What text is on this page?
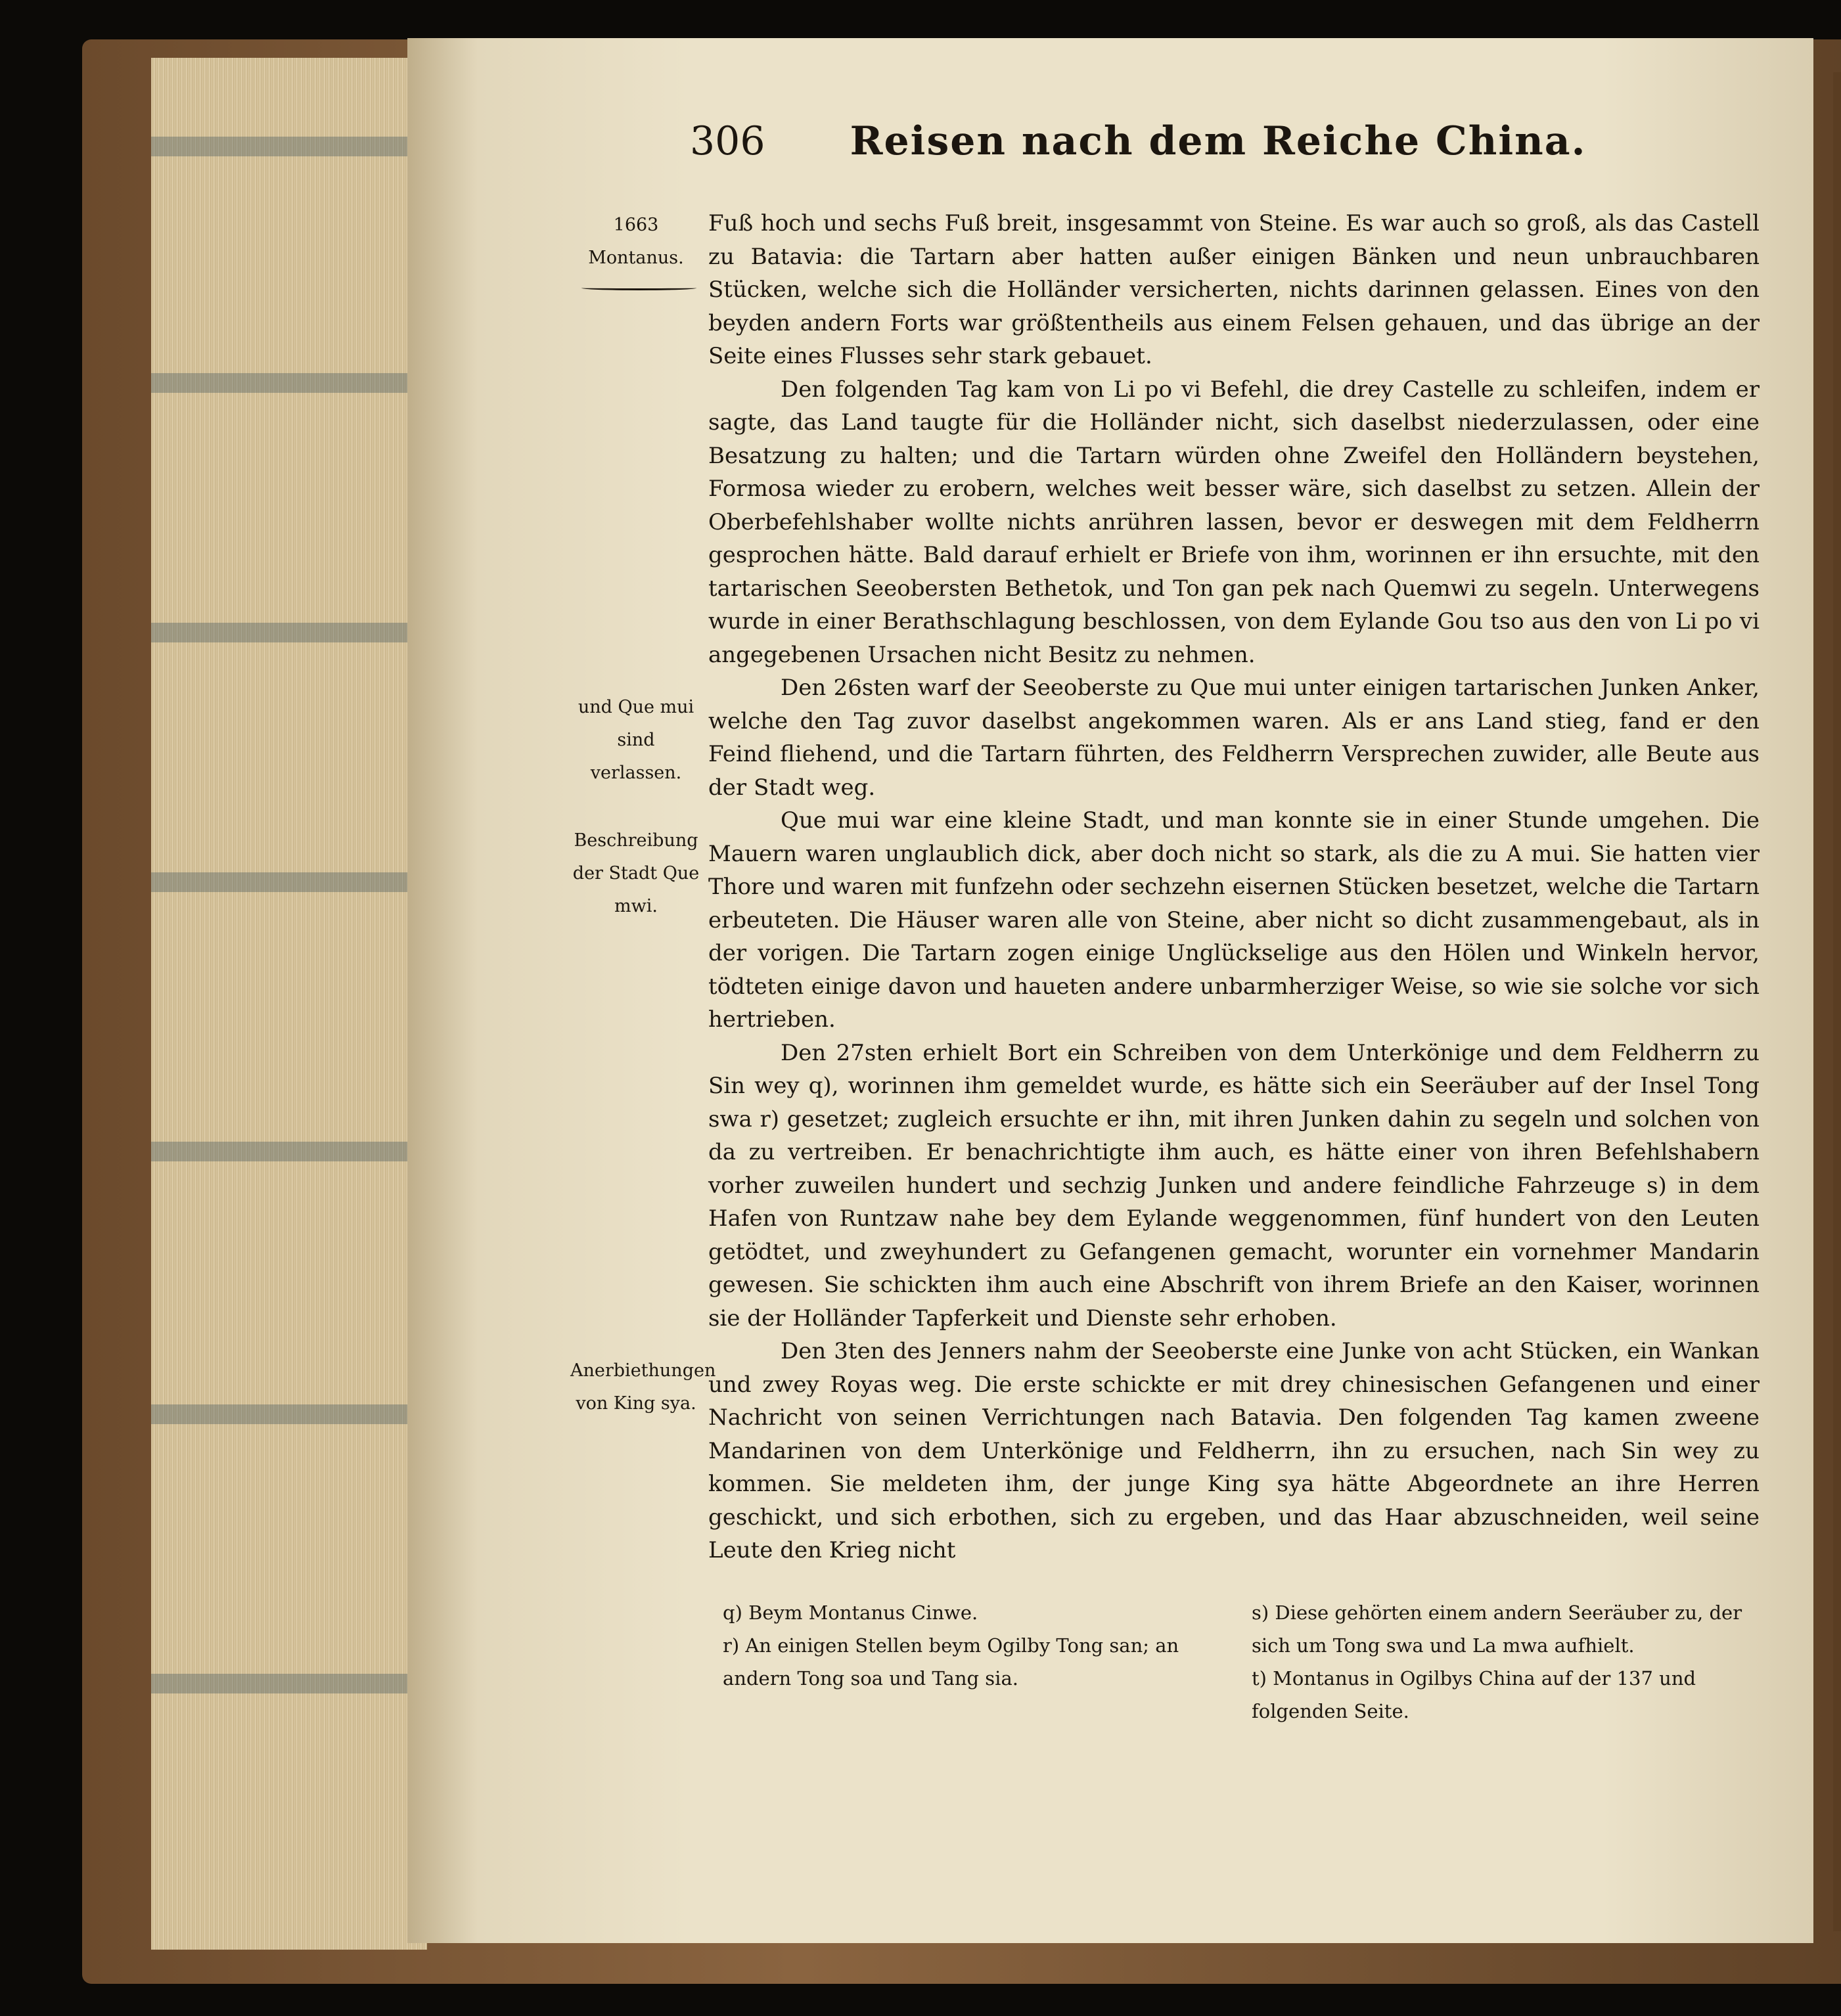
306 Reisen nach dem Reiche China.
1663
Montanus.
und Que mui sind verlassen.
Beschreibung der Stadt Que mwi.
Anerbiethungen von King sya.

Fuß hoch und sechs Fuß breit, insgesammt von Steine. Es war auch so groß, als das Castell zu Batavia: die Tartarn aber hatten außer einigen Bänken und neun unbrauchbaren Stücken, welche sich die Holländer versicherten, nichts darinnen gelassen. Eines von den beyden andern Forts war größtentheils aus einem Felsen gehauen, und das übrige an der Seite eines Flusses sehr stark gebauet.

Den folgenden Tag kam von Li po vi Befehl, die drey Castelle zu schleifen, indem er sagte, das Land taugte für die Holländer nicht, sich daselbst niederzulassen, oder eine Besatzung zu halten; und die Tartarn würden ohne Zweifel den Holländern beystehen, Formosa wieder zu erobern, welches weit besser wäre, sich daselbst zu setzen. Allein der Oberbefehlshaber wollte nichts anrühren lassen, bevor er deswegen mit dem Feldherrn gesprochen hätte. Bald darauf erhielt er Briefe von ihm, worinnen er ihn ersuchte, mit den tartarischen Seeobersten Bethetok, und Ton gan pek nach Quemwi zu segeln. Unterwegens wurde in einer Berathschlagung beschlossen, von dem Eylande Gou tso aus den von Li po vi angegebenen Ursachen nicht Besitz zu nehmen.

Den 26sten warf der Seeoberste zu Que mui unter einigen tartarischen Junken Anker, welche den Tag zuvor daselbst angekommen waren. Als er ans Land stieg, fand er den Feind fliehend, und die Tartarn führten, des Feldherrn Versprechen zuwider, alle Beute aus der Stadt weg.

Que mui war eine kleine Stadt, und man konnte sie in einer Stunde umgehen. Die Mauern waren unglaublich dick, aber doch nicht so stark, als die zu A mui. Sie hatten vier Thore und waren mit funfzehn oder sechzehn eisernen Stücken besetzet, welche die Tartarn erbeuteten. Die Häuser waren alle von Steine, aber nicht so dicht zusammengebaut, als in der vorigen. Die Tartarn zogen einige Unglückselige aus den Hölen und Winkeln hervor, tödteten einige davon und haueten andere unbarmherziger Weise, so wie sie solche vor sich hertrieben.

Den 27sten erhielt Bort ein Schreiben von dem Unterkönige und dem Feldherrn zu Sin wey q), worinnen ihm gemeldet wurde, es hätte sich ein Seeräuber auf der Insel Tong swa r) gesetzet; zugleich ersuchte er ihn, mit ihren Junken dahin zu segeln und solchen von da zu vertreiben. Er benachrichtigte ihm auch, es hätte einer von ihren Befehlshabern vorher zuweilen hundert und sechzig Junken und andere feindliche Fahrzeuge s) in dem Hafen von Runtzaw nahe bey dem Eylande weggenommen, fünf hundert von den Leuten getödtet, und zweyhundert zu Gefangenen gemacht, worunter ein vornehmer Mandarin gewesen. Sie schickten ihm auch eine Abschrift von ihrem Briefe an den Kaiser, worinnen sie der Holländer Tapferkeit und Dienste sehr erhoben.

Den 3ten des Jenners nahm der Seeoberste eine Junke von acht Stücken, ein Wankan und zwey Royas weg. Die erste schickte er mit drey chinesischen Gefangenen und einer Nachricht von seinen Verrichtungen nach Batavia. Den folgenden Tag kamen zweene Mandarinen von dem Unterkönige und Feldherrn, ihn zu ersuchen, nach Sin wey zu kommen. Sie meldeten ihm, der junge King sya hätte Abgeordnete an ihre Herren geschickt, und sich erbothen, sich zu ergeben, und das Haar abzuschneiden, weil seine Leute den Krieg nicht

q) Beym Montanus Cinwe.
r) An einigen Stellen beym Ogilby Tong san; an andern Tong soa und Tang sia.
s) Diese gehörten einem andern Seeräuber zu, der sich um Tong swa und La mwa aufhielt.
t) Montanus in Ogilbys China auf der 137 und folgenden Seite.
